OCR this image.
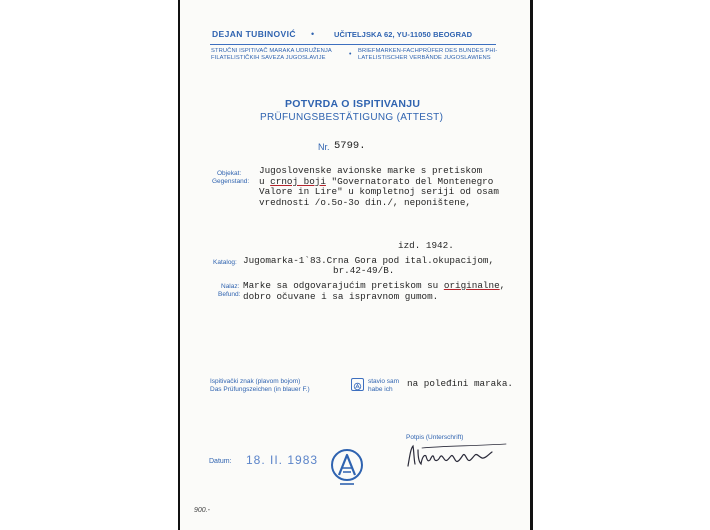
DEJAN TUBINOVIĆ •	UČITELJSKA 62, YU-11050 BEOGRAD
STRUČNI ISPITIVAČ MARAKA UDRUŽENJA
FILATELISTIČKIH SAVEZA JUGOSLAVIJE	• BRIEFMARKEN-FACHPRÜFER DES BUNDES PHI-
LATELISTISCHER VERBÄNDE JUGOSLAWIENS
POTVRDA O ISPITIVANJU
PRÜFUNGSBESTÄTIGUNG (ATTEST)
Nr. 5799.
Objekat:
Gegenstand:
Jugoslovenske avionske marke s pretiskom
u crnoj boji "Governatorato del Montenegro
Valore in Lire" u kompletnoj seriji od osam
vrednosti /o.5o-3o din./, neponištene,
izd. 1942.
Katalog: Jugomarka-1`83.Crna Gora pod ital.okupacijom,
br.42-49/B.
Nalaz:
Befund:
Marke sa odgovarajućim pretiskom su originalne,
dobro očuvane i sa ispravnom gumom.
Ispitivački znak (plavom bojom)
Das Prüfungszeichen (in blauer F.)
stavio sam
habe ich
na poleđini maraka.
Potpis (Unterschrift)
Datum: 18. II. 1983
900.-
